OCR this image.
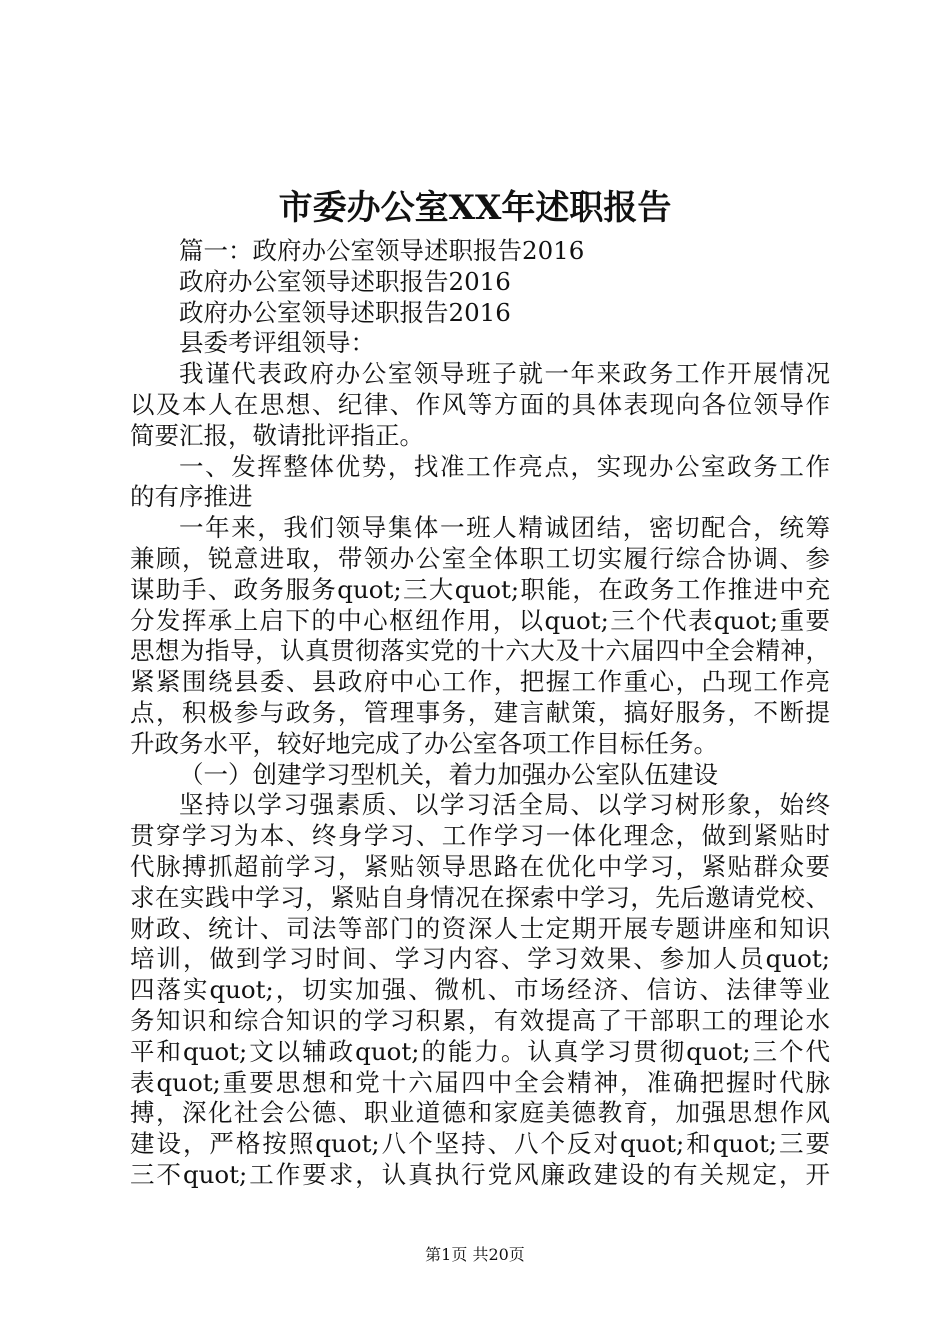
市委办公室XX年述职报告
篇一：政府办公室领导述职报告2016
政府办公室领导述职报告2016
政府办公室领导述职报告2016
县委考评组领导：
我谨代表政府办公室领导班子就一年来政务工作开展情况
以及本人在思想、纪律、作风等方面的具体表现向各位领导作
简要汇报，敬请批评指正。
一、发挥整体优势，找准工作亮点，实现办公室政务工作
的有序推进
一年来，我们领导集体一班人精诚团结，密切配合，统筹
兼顾，锐意进取，带领办公室全体职工切实履行综合协调、参
谋助手、政务服务quot;三大quot;职能，在政务工作推进中充
分发挥承上启下的中心枢纽作用，以quot;三个代表quot;重要
思想为指导，认真贯彻落实党的十六大及十六届四中全会精神，
紧紧围绕县委、县政府中心工作，把握工作重心，凸现工作亮
点，积极参与政务，管理事务，建言献策，搞好服务，不断提
升政务水平，较好地完成了办公室各项工作目标任务。
（一）创建学习型机关，着力加强办公室队伍建设
坚持以学习强素质、以学习活全局、以学习树形象，始终
贯穿学习为本、终身学习、工作学习一体化理念，做到紧贴时
代脉搏抓超前学习，紧贴领导思路在优化中学习，紧贴群众要
求在实践中学习，紧贴自身情况在探索中学习，先后邀请党校、
财政、统计、司法等部门的资深人士定期开展专题讲座和知识
培训，做到学习时间、学习内容、学习效果、参加人员quot;
四落实quot;，切实加强、微机、市场经济、信访、法律等业
务知识和综合知识的学习积累，有效提高了干部职工的理论水
平和quot;文以辅政quot;的能力。认真学习贯彻quot;三个代
表quot;重要思想和党十六届四中全会精神，准确把握时代脉
搏，深化社会公德、职业道德和家庭美德教育，加强思想作风
建设，严格按照quot;八个坚持、八个反对quot;和quot;三要
三不quot;工作要求，认真执行党风廉政建设的有关规定，开
第1页 共20页
